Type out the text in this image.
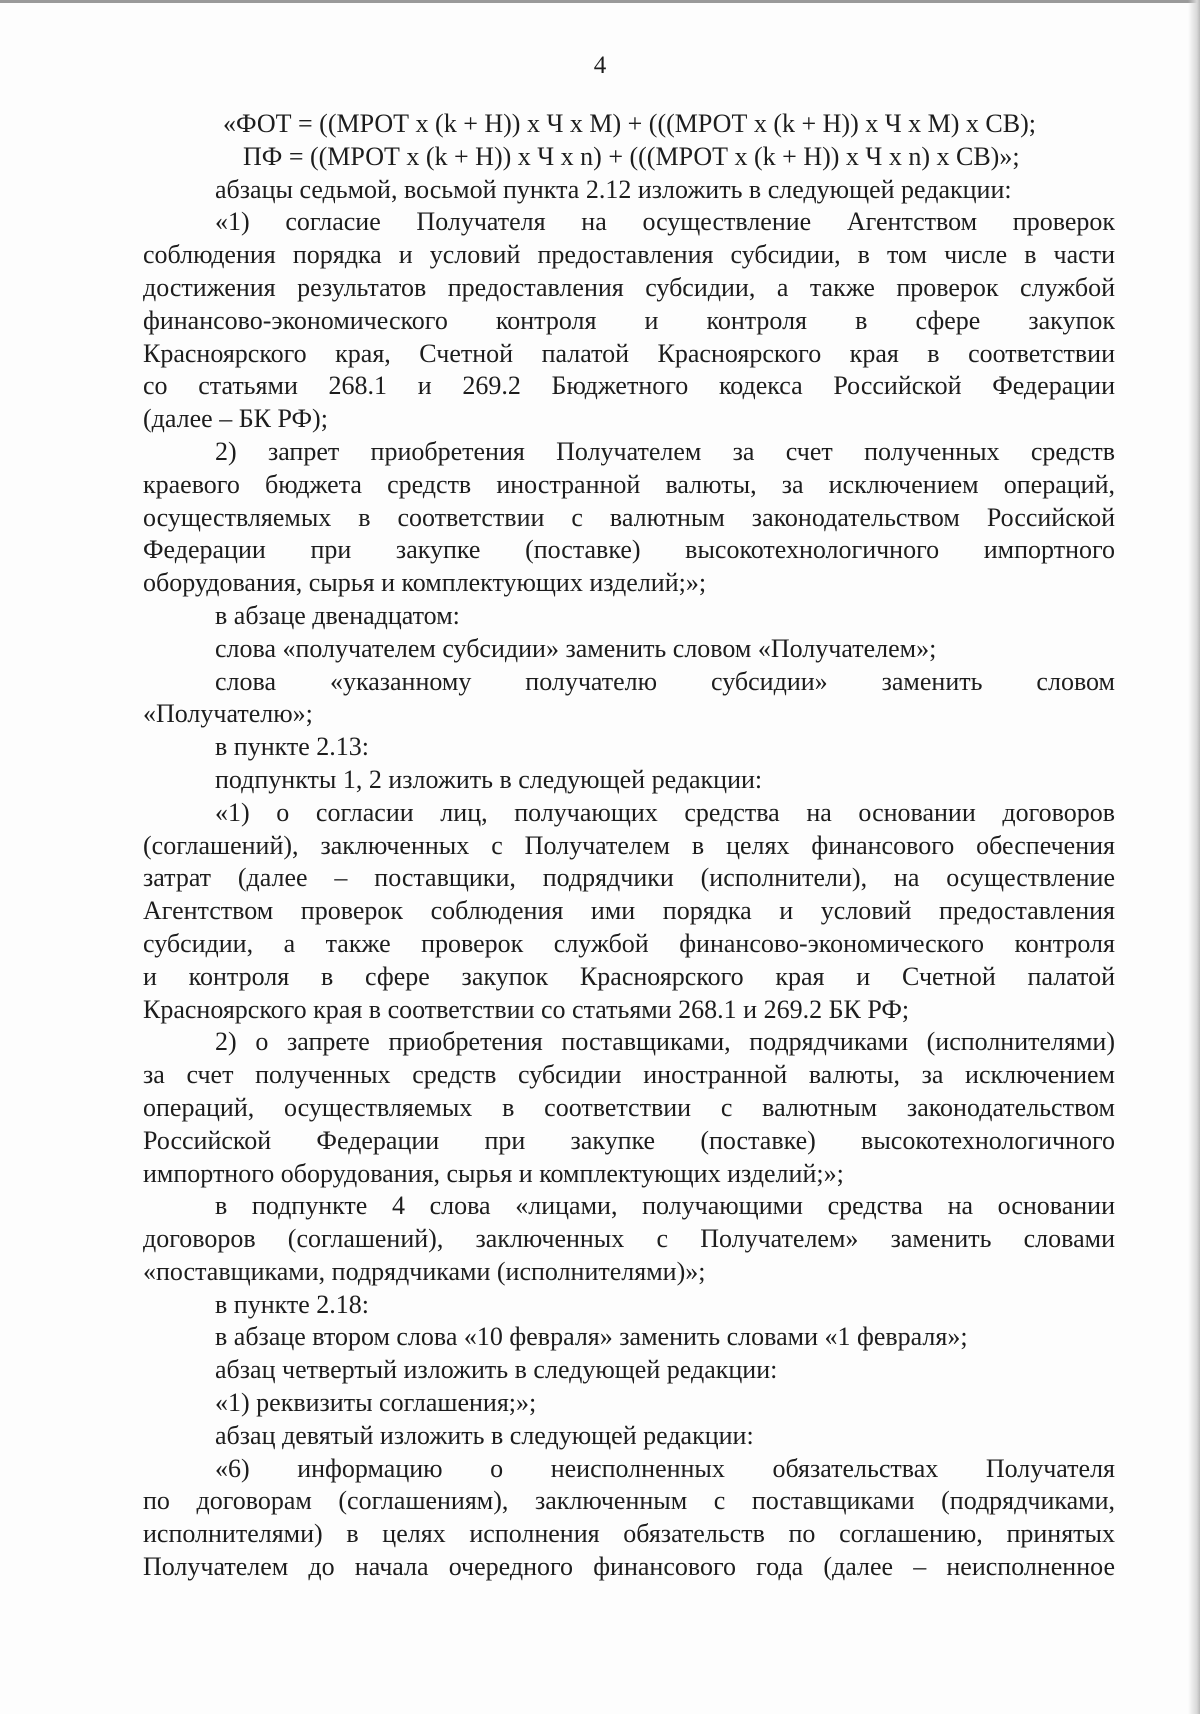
4
«ФОТ = ((МРОТ х (k + Н)) х Ч х М) + (((МРОТ х (k + Н)) х Ч х М) х СВ);
ПФ = ((МРОТ х (k + Н)) х Ч х n) + (((МРОТ х (k + Н)) х Ч х n) х СВ)»;
абзацы седьмой, восьмой пункта 2.12 изложить в следующей редакции:
«1) согласие Получателя на осуществление Агентством проверок
соблюдения порядка и условий предоставления субсидии, в том числе в части
достижения результатов предоставления субсидии, а также проверок службой
финансово-экономического контроля и контроля в сфере закупок
Красноярского края, Счетной палатой Красноярского края в соответствии
со статьями 268.1 и 269.2 Бюджетного кодекса Российской Федерации
(далее – БК РФ);
2) запрет приобретения Получателем за счет полученных средств
краевого бюджета средств иностранной валюты, за исключением операций,
осуществляемых в соответствии с валютным законодательством Российской
Федерации при закупке (поставке) высокотехнологичного импортного
оборудования, сырья и комплектующих изделий;»;
в абзаце двенадцатом:
слова «получателем субсидии» заменить словом «Получателем»;
слова «указанному получателю субсидии» заменить словом
«Получателю»;
в пункте 2.13:
подпункты 1, 2 изложить в следующей редакции:
«1) о согласии лиц, получающих средства на основании договоров
(соглашений), заключенных с Получателем в целях финансового обеспечения
затрат (далее – поставщики, подрядчики (исполнители), на осуществление
Агентством проверок соблюдения ими порядка и условий предоставления
субсидии, а также проверок службой финансово-экономического контроля
и контроля в сфере закупок Красноярского края и Счетной палатой
Красноярского края в соответствии со статьями 268.1 и 269.2 БК РФ;
2) о запрете приобретения поставщиками, подрядчиками (исполнителями)
за счет полученных средств субсидии иностранной валюты, за исключением
операций, осуществляемых в соответствии с валютным законодательством
Российской Федерации при закупке (поставке) высокотехнологичного
импортного оборудования, сырья и комплектующих изделий;»;
в подпункте 4 слова «лицами, получающими средства на основании
договоров (соглашений), заключенных с Получателем» заменить словами
«поставщиками, подрядчиками (исполнителями)»;
в пункте 2.18:
в абзаце втором слова «10 февраля» заменить словами «1 февраля»;
абзац четвертый изложить в следующей редакции:
«1) реквизиты соглашения;»;
абзац девятый изложить в следующей редакции:
«6) информацию о неисполненных обязательствах Получателя
по договорам (соглашениям), заключенным с поставщиками (подрядчиками,
исполнителями) в целях исполнения обязательств по соглашению, принятых
Получателем до начала очередного финансового года (далее – неисполненное
